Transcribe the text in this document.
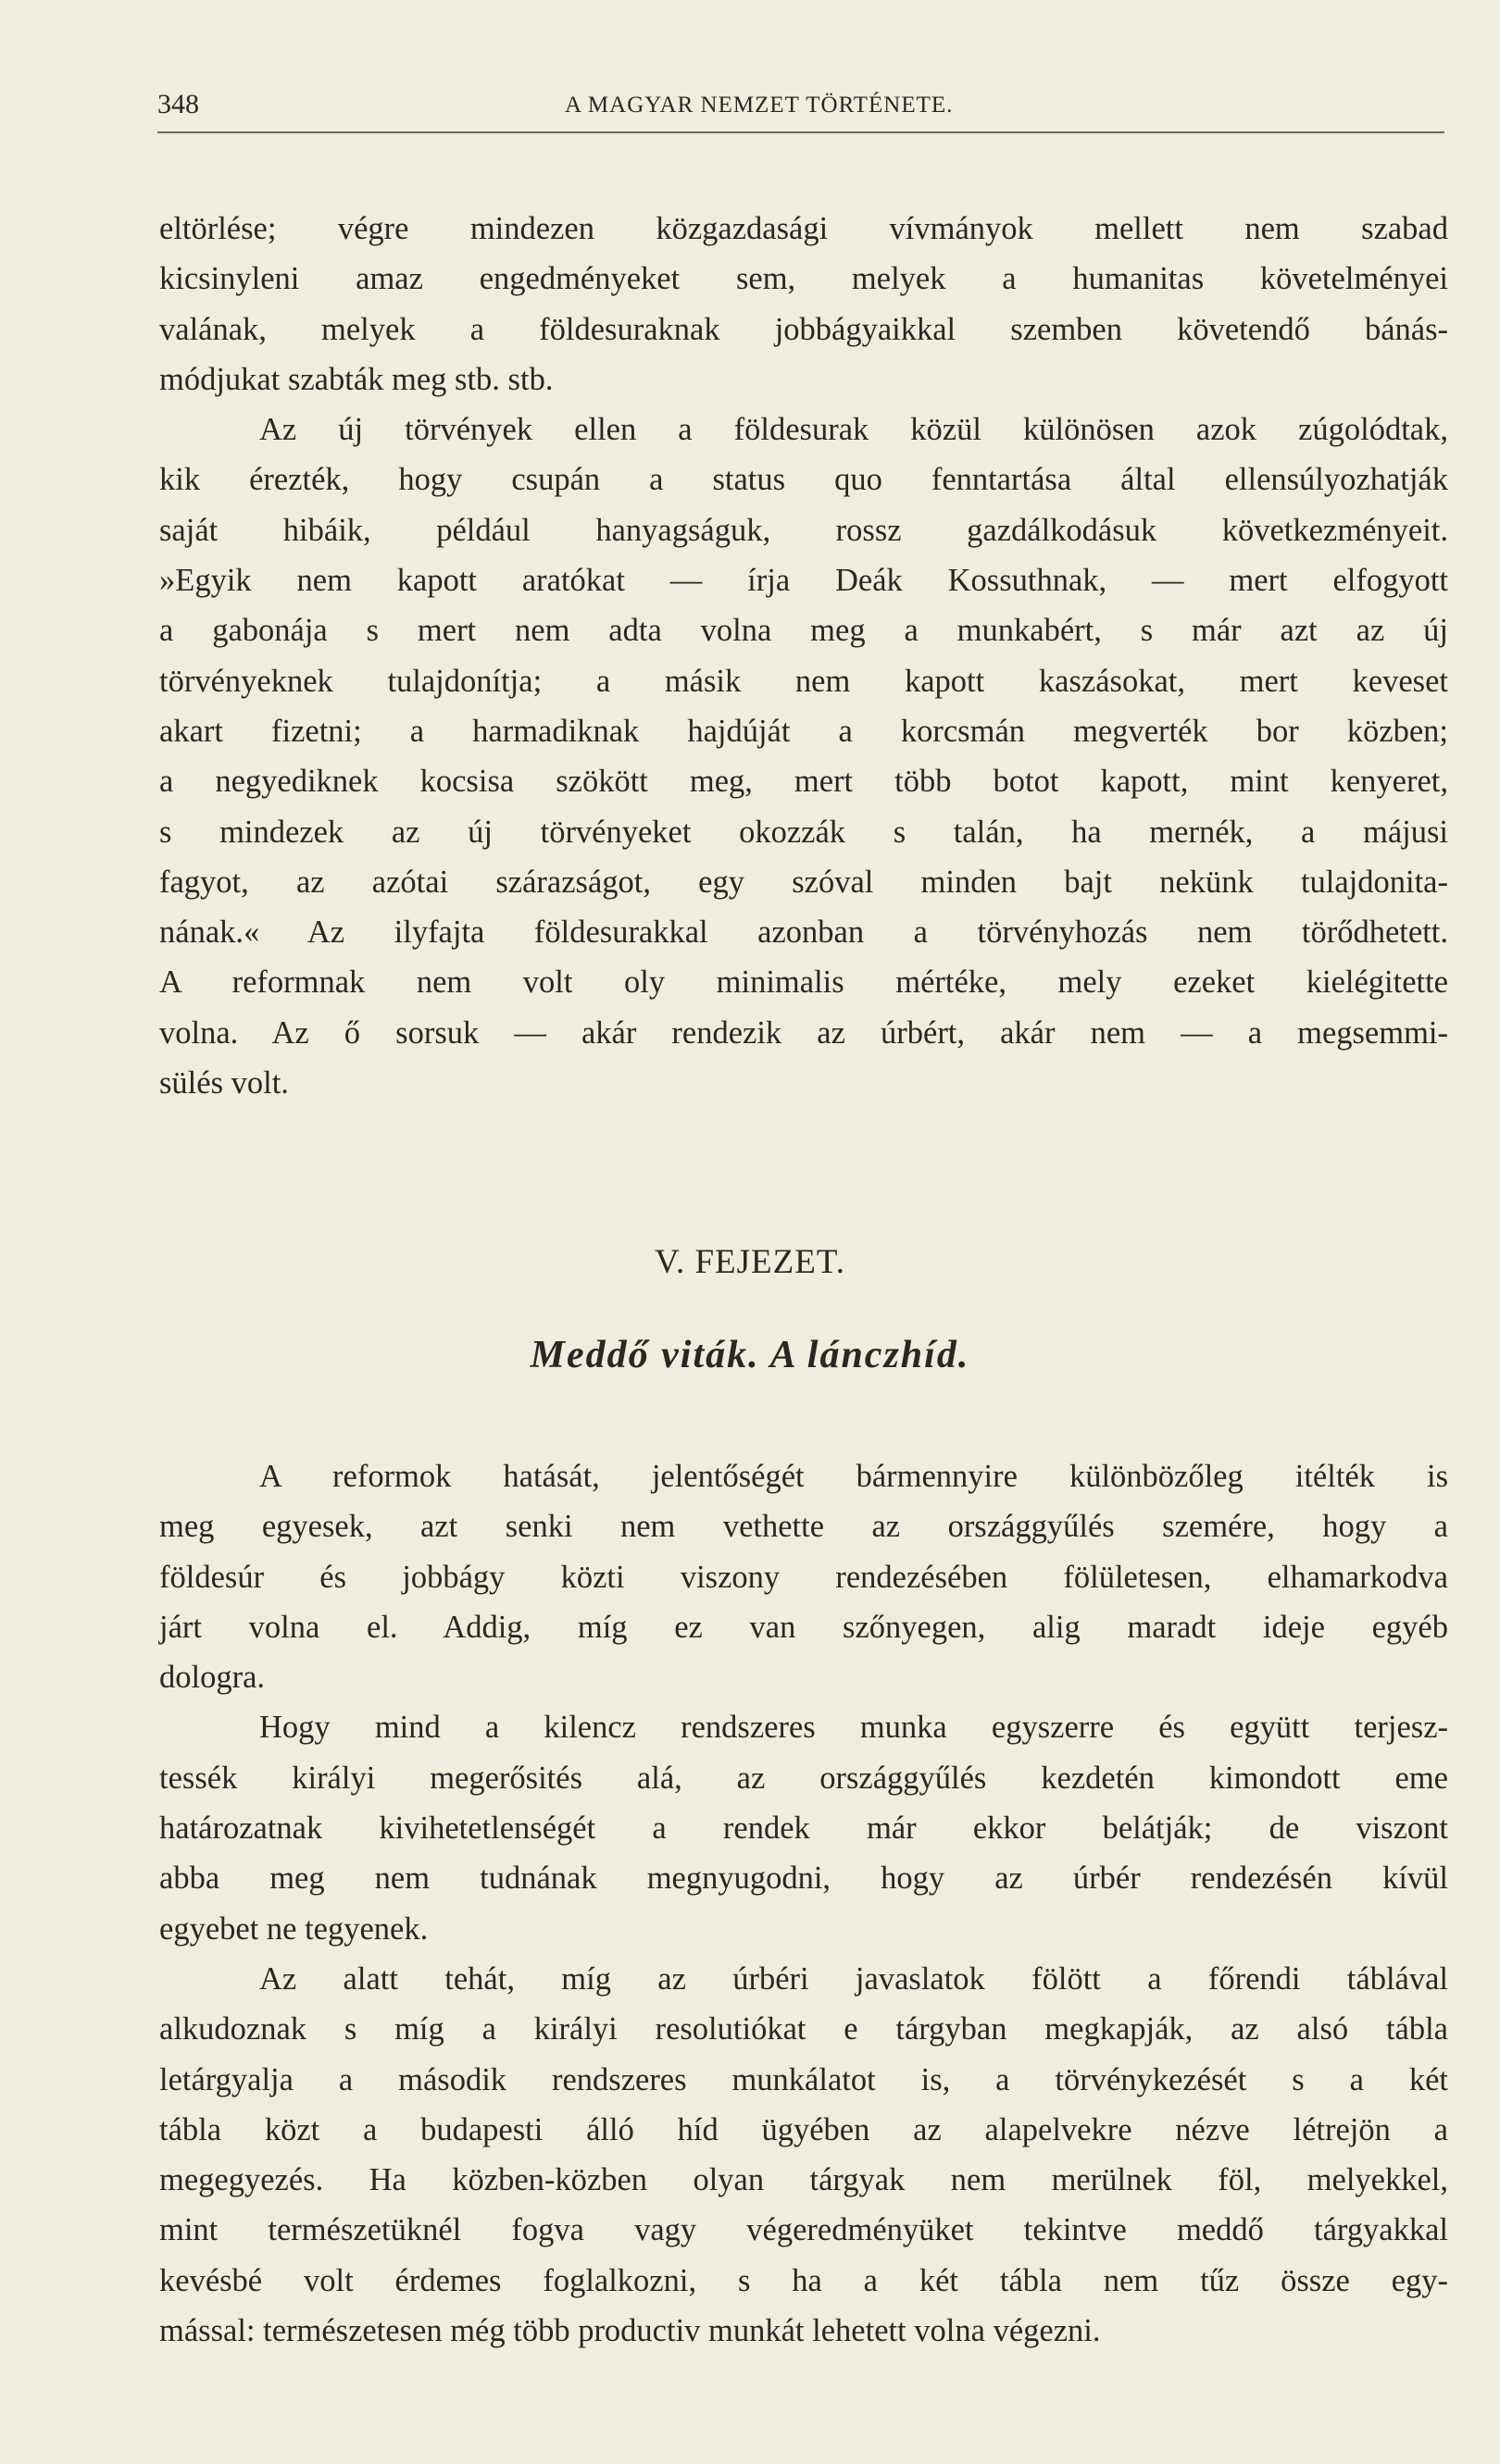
348	A MAGYAR NEMZET TÖRTÉNETE.
eltörlése; végre mindezen közgazdasági vívmányok mellett nem szabad
kicsinyleni amaz engedményeket sem, melyek a humanitas követelményei
valának, melyek a földesuraknak jobbágyaikkal szemben követendő bánás-
módjukat szabták meg stb. stb.
Az új törvények ellen a földesurak közül különösen azok zúgolódtak,
kik érezték, hogy csupán a status quo fenntartása által ellensúlyozhatják
saját hibáik, például hanyagságuk, rossz gazdálkodásuk következményeit.
»Egyik nem kapott aratókat — írja Deák Kossuthnak, — mert elfogyott
a gabonája s mert nem adta volna meg a munkabért, s már azt az új
törvényeknek tulajdonítja; a másik nem kapott kaszásokat, mert keveset
akart fizetni; a harmadiknak hajdúját a korcsmán megverték bor közben;
a negyediknek kocsisa szökött meg, mert több botot kapott, mint kenyeret,
s mindezek az új törvényeket okozzák s talán, ha mernék, a májusi
fagyot, az azótai szárazságot, egy szóval minden bajt nekünk tulajdonita-
nának.« Az ilyfajta földesurakkal azonban a törvényhozás nem törődhetett.
A reformnak nem volt oly minimalis mértéke, mely ezeket kielégitette
volna. Az ő sorsuk — akár rendezik az úrbért, akár nem — a megsemmi-
sülés volt.
V. FEJEZET.
Meddő viták. A lánczhíd.
A reformok hatását, jelentőségét bármennyire különbözőleg itélték is
meg egyesek, azt senki nem vethette az országgyűlés szemére, hogy a
földesúr és jobbágy közti viszony rendezésében fölületesen, elhamarkodva
járt volna el. Addig, míg ez van szőnyegen, alig maradt ideje egyéb
dologra.
Hogy mind a kilencz rendszeres munka egyszerre és együtt terjesz-
tessék királyi megerősités alá, az országgyűlés kezdetén kimondott eme
határozatnak kivihetetlenségét a rendek már ekkor belátják; de viszont
abba meg nem tudnának megnyugodni, hogy az úrbér rendezésén kívül
egyebet ne tegyenek.
Az alatt tehát, míg az úrbéri javaslatok fölött a főrendi táblával
alkudoznak s míg a királyi resolutiókat e tárgyban megkapják, az alsó tábla
letárgyalja a második rendszeres munkálatot is, a törvénykezését s a két
tábla közt a budapesti álló híd ügyében az alapelvekre nézve létrejön a
megegyezés. Ha közben-közben olyan tárgyak nem merülnek föl, melyekkel,
mint természetüknél fogva vagy végeredményüket tekintve meddő tárgyakkal
kevésbé volt érdemes foglalkozni, s ha a két tábla nem tűz össze egy-
mással: természetesen még több productiv munkát lehetett volna végezni.
